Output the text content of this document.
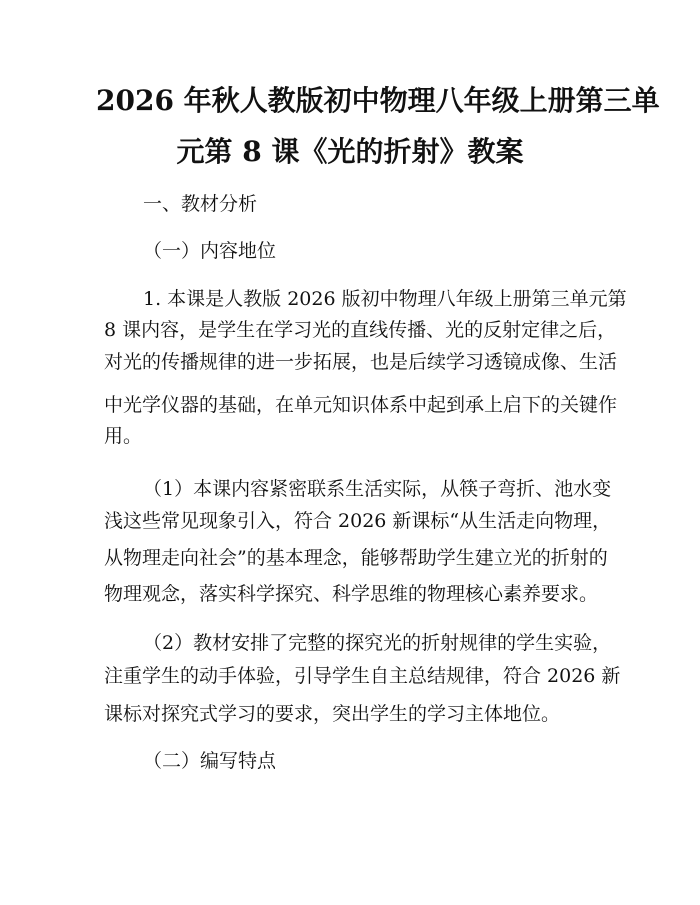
2026 年秋人教版初中物理八年级上册第三单
元第 8 课《光的折射》教案
一、教材分析
（一）内容地位
1. 本课是人教版 2026 版初中物理八年级上册第三单元第
8 课内容，是学生在学习光的直线传播、光的反射定律之后，
对光的传播规律的进一步拓展，也是后续学习透镜成像、生活
中光学仪器的基础，在单元知识体系中起到承上启下的关键作
用。
（1）本课内容紧密联系生活实际，从筷子弯折、池水变
浅这些常见现象引入，符合 2026 新课标“从生活走向物理，
从物理走向社会”的基本理念，能够帮助学生建立光的折射的
物理观念，落实科学探究、科学思维的物理核心素养要求。
（2）教材安排了完整的探究光的折射规律的学生实验，
注重学生的动手体验，引导学生自主总结规律，符合 2026 新
课标对探究式学习的要求，突出学生的学习主体地位。
（二）编写特点
